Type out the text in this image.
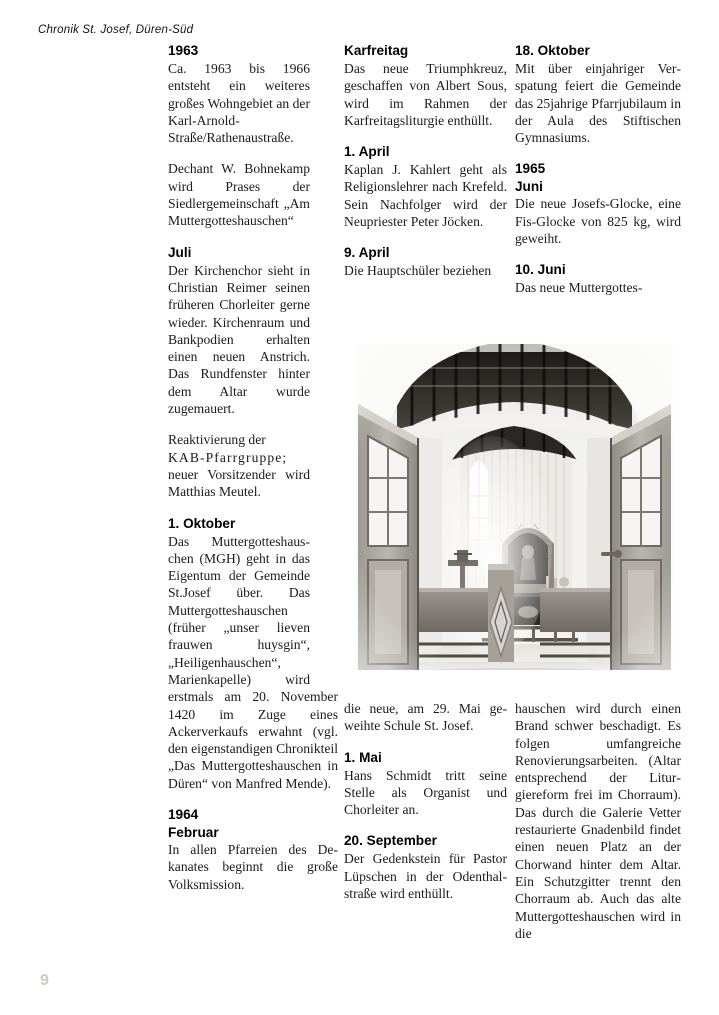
Chronik St. Josef, Düren-Süd
1963

Ca. 1963 bis 1966 entsteht ein weiteres großes Wohngebiet an der Karl-Arnold-Straße/Rathenaustraße.

Dechant W. Bohnekamp wird Prases der Siedlergemeinschaft „Am Muttergotteshauschen“

Juli

Der Kirchenchor sieht in Christian Reimer seinen früheren Chorleiter gerne wieder. Kirchenraum und Bankpodien erhalten einen neuen Anstrich. Das Rundfenster hinter dem Altar wurde zugemauert.

Reaktivierung der

KAB-Pfarrgruppe;

neuer Vorsitzender wird Matthias Meutel.

1. Oktober

Das Muttergotteshauschen (MGH) geht in das Eigentum der Gemeinde St.Josef über. Das Muttergotteshauschen (früher „unser lieven frauwen huysgin“, „Heiligenhauschen“, Marienkapelle) wird erstmals am 20. November 1420 im Zuge eines Ackerverkaufs erwahnt (vgl. den eigenstandigen Chronikteil „Das Muttergotteshauschen in Düren“ von Manfred Mende).

1964
Februar

In allen Pfarreien des Dekanates beginnt die große Volksmission.

Karfreitag

Das neue Triumphkreuz, geschaffen von Albert Sous, wird im Rahmen der Karfreitagsliturgie enthüllt.

1. April

Kaplan J. Kahlert geht als Religionslehrer nach Krefeld. Sein Nachfolger wird der Neupriester Peter Jöcken.

9. April

Die Hauptschüler beziehen

die neue, am 29. Mai geweihte Schule St. Josef.

1. Mai

Hans Schmidt tritt seine Stelle als Organist und Chorleiter an.

20. September

Der Gedenkstein für Pastor Lüpschen in der Odenthalstraße wird enthüllt.

18. Oktober

Mit über einjahriger Verspatung feiert die Gemeinde das 25jahrige Pfarrjubilaum in der Aula des Stiftischen Gymnasiums.

1965
Juni

Die neue Josefs-Glocke, eine Fis-Glocke von 825 kg, wird geweiht.

10. Juni

Das neue Muttergottes-

hauschen wird durch einen Brand schwer beschadigt. Es folgen umfangreiche Renovierungsarbeiten. (Altar entsprechend der Liturgiereform frei im Chorraum). Das durch die Galerie Vetter restaurierte Gnadenbild findet einen neuen Platz an der Chorwand hinter dem Altar. Ein Schutzgitter trennt den Chorraum ab. Auch das alte Muttergotteshauschen wird in die

9
